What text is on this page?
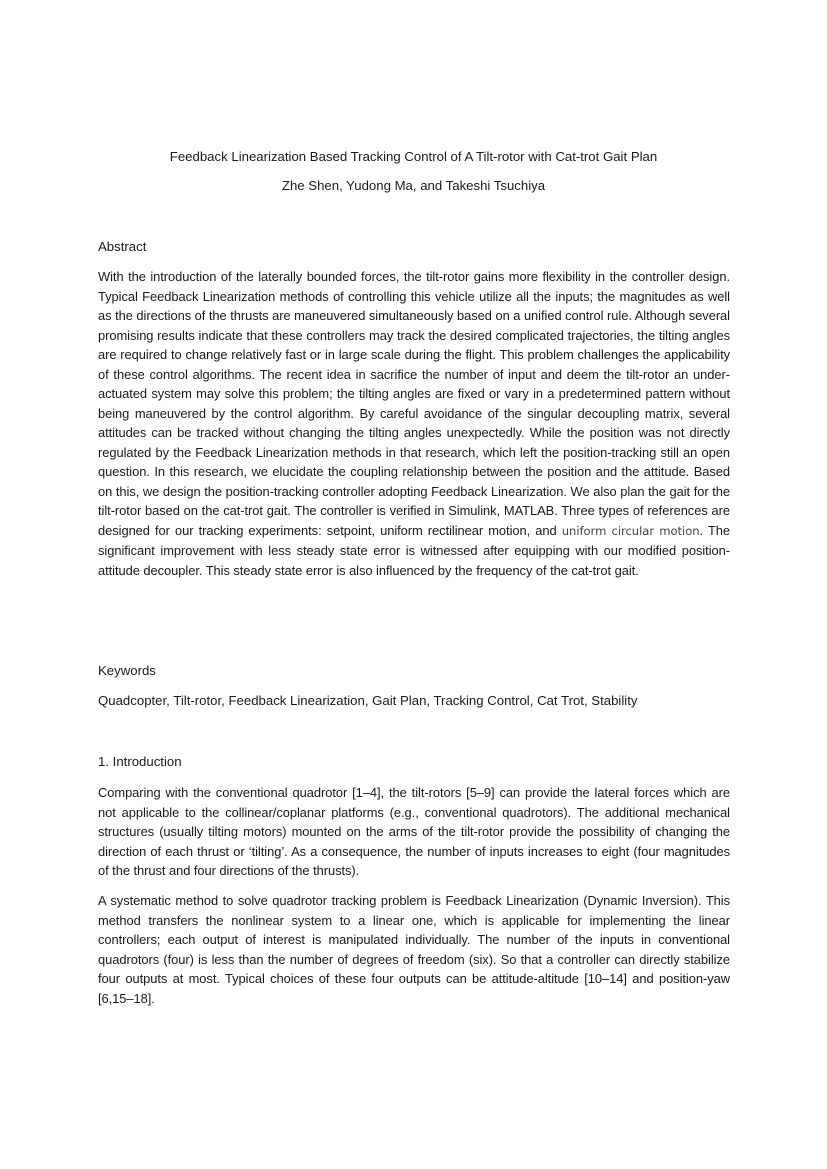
Feedback Linearization Based Tracking Control of A Tilt-rotor with Cat-trot Gait Plan
Zhe Shen, Yudong Ma, and Takeshi Tsuchiya
Abstract
With the introduction of the laterally bounded forces, the tilt-rotor gains more flexibility in the controller design. Typical Feedback Linearization methods of controlling this vehicle utilize all the inputs; the magnitudes as well as the directions of the thrusts are maneuvered simultaneously based on a unified control rule. Although several promising results indicate that these controllers may track the desired complicated trajectories, the tilting angles are required to change relatively fast or in large scale during the flight. This problem challenges the applicability of these control algorithms. The recent idea in sacrifice the number of input and deem the tilt-rotor an under-actuated system may solve this problem; the tilting angles are fixed or vary in a predetermined pattern without being maneuvered by the control algorithm. By careful avoidance of the singular decoupling matrix, several attitudes can be tracked without changing the tilting angles unexpectedly. While the position was not directly regulated by the Feedback Linearization methods in that research, which left the position-tracking still an open question. In this research, we elucidate the coupling relationship between the position and the attitude. Based on this, we design the position-tracking controller adopting Feedback Linearization. We also plan the gait for the tilt-rotor based on the cat-trot gait. The controller is verified in Simulink, MATLAB. Three types of references are designed for our tracking experiments: setpoint, uniform rectilinear motion, and uniform circular motion. The significant improvement with less steady state error is witnessed after equipping with our modified position-attitude decoupler. This steady state error is also influenced by the frequency of the cat-trot gait.
Keywords
Quadcopter, Tilt-rotor, Feedback Linearization, Gait Plan, Tracking Control, Cat Trot, Stability
1. Introduction
Comparing with the conventional quadrotor [1–4], the tilt-rotors [5–9] can provide the lateral forces which are not applicable to the collinear/coplanar platforms (e.g., conventional quadrotors). The additional mechanical structures (usually tilting motors) mounted on the arms of the tilt-rotor provide the possibility of changing the direction of each thrust or ‘tilting’. As a consequence, the number of inputs increases to eight (four magnitudes of the thrust and four directions of the thrusts).
A systematic method to solve quadrotor tracking problem is Feedback Linearization (Dynamic Inversion). This method transfers the nonlinear system to a linear one, which is applicable for implementing the linear controllers; each output of interest is manipulated individually. The number of the inputs in conventional quadrotors (four) is less than the number of degrees of freedom (six). So that a controller can directly stabilize four outputs at most. Typical choices of these four outputs can be attitude-altitude [10–14] and position-yaw [6,15–18].
